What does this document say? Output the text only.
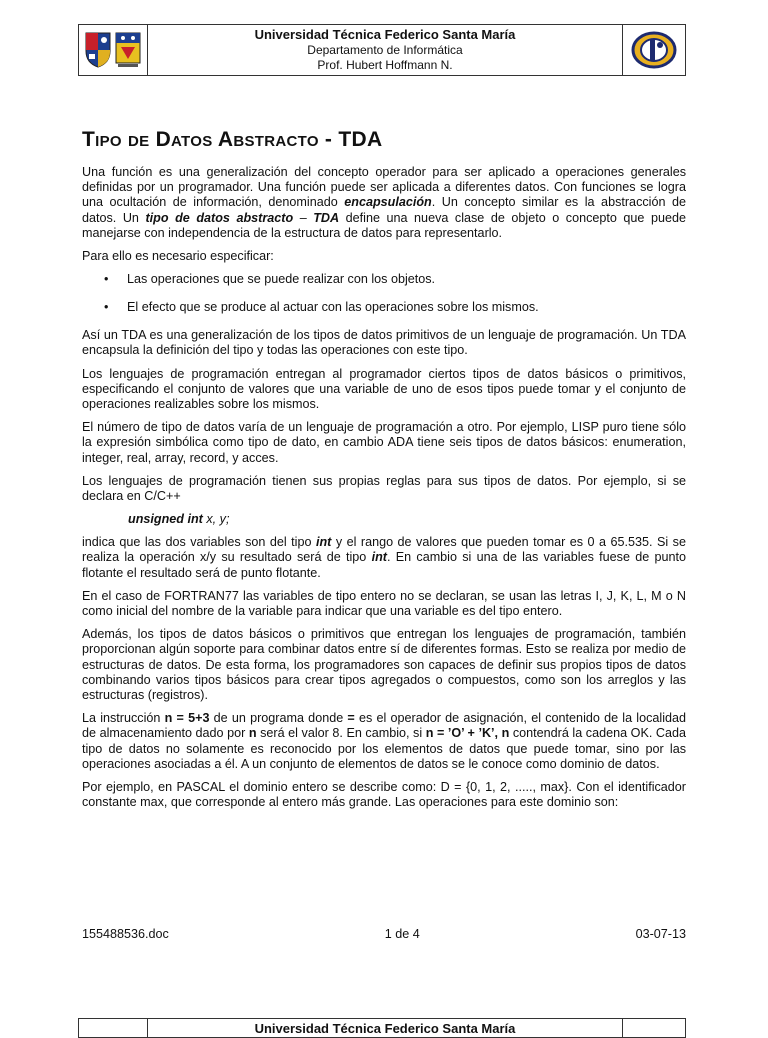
Universidad Técnica Federico Santa María
Departamento de Informática
Prof. Hubert Hoffmann N.
Tipo de Datos Abstracto - TDA

Una función es una generalización del concepto operador para ser aplicado a operaciones generales definidas por un programador. Una función puede ser aplicada a diferentes datos. Con funciones se logra una ocultación de información, denominado encapsulación. Un concepto similar es la abstracción de datos. Un tipo de datos abstracto – TDA define una nueva clase de objeto o concepto que puede manejarse con independencia de la estructura de datos para representarlo.

Para ello es necesario especificar:

• Las operaciones que se puede realizar con los objetos.
• El efecto que se produce al actuar con las operaciones sobre los mismos.

Así un TDA es una generalización de los tipos de datos primitivos de un lenguaje de programación. Un TDA encapsula la definición del tipo y todas las operaciones con este tipo.

Los lenguajes de programación entregan al programador ciertos tipos de datos básicos o primitivos, especificando el conjunto de valores que una variable de uno de esos tipos puede tomar y el conjunto de operaciones realizables sobre los mismos.

El número de tipo de datos varía de un lenguaje de programación a otro. Por ejemplo, LISP puro tiene sólo la expresión simbólica como tipo de dato, en cambio ADA tiene seis tipos de datos básicos: enumeration, integer, real, array, record, y acces.

Los lenguajes de programación tienen sus propias reglas para sus tipos de datos. Por ejemplo, si se declara en C/C++

unsigned int x, y;

indica que las dos variables son del tipo int y el rango de valores que pueden tomar es 0 a 65.535. Si se realiza la operación x/y su resultado será de tipo int. En cambio si una de las variables fuese de punto flotante el resultado será de punto flotante.

En el caso de FORTRAN77 las variables de tipo entero no se declaran, se usan las letras I, J, K, L, M o N como inicial del nombre de la variable para indicar que una variable es del tipo entero.

Además, los tipos de datos básicos o primitivos que entregan los lenguajes de programación, también proporcionan algún soporte para combinar datos entre sí de diferentes formas. Esto se realiza por medio de estructuras de datos. De esta forma, los programadores son capaces de definir sus propios tipos de datos combinando varios tipos básicos para crear tipos agregados o compuestos, como son los arreglos y las estructuras (registros).

La instrucción n = 5+3 de un programa donde = es el operador de asignación, el contenido de la localidad de almacenamiento dado por n será el valor 8. En cambio, si n = ’O’ + ’K’, n contendrá la cadena OK. Cada tipo de datos no solamente es reconocido por los elementos de datos que puede tomar, sino por las operaciones asociadas a él. A un conjunto de elementos de datos se le conoce como dominio de datos.

Por ejemplo, en PASCAL el dominio entero se describe como: D = {0, 1, 2, ....., max}. Con el identificador constante max, que corresponde al entero más grande. Las operaciones para este dominio son:

155488536.doc	1 de 4	03-07-13
Universidad Técnica Federico Santa María
